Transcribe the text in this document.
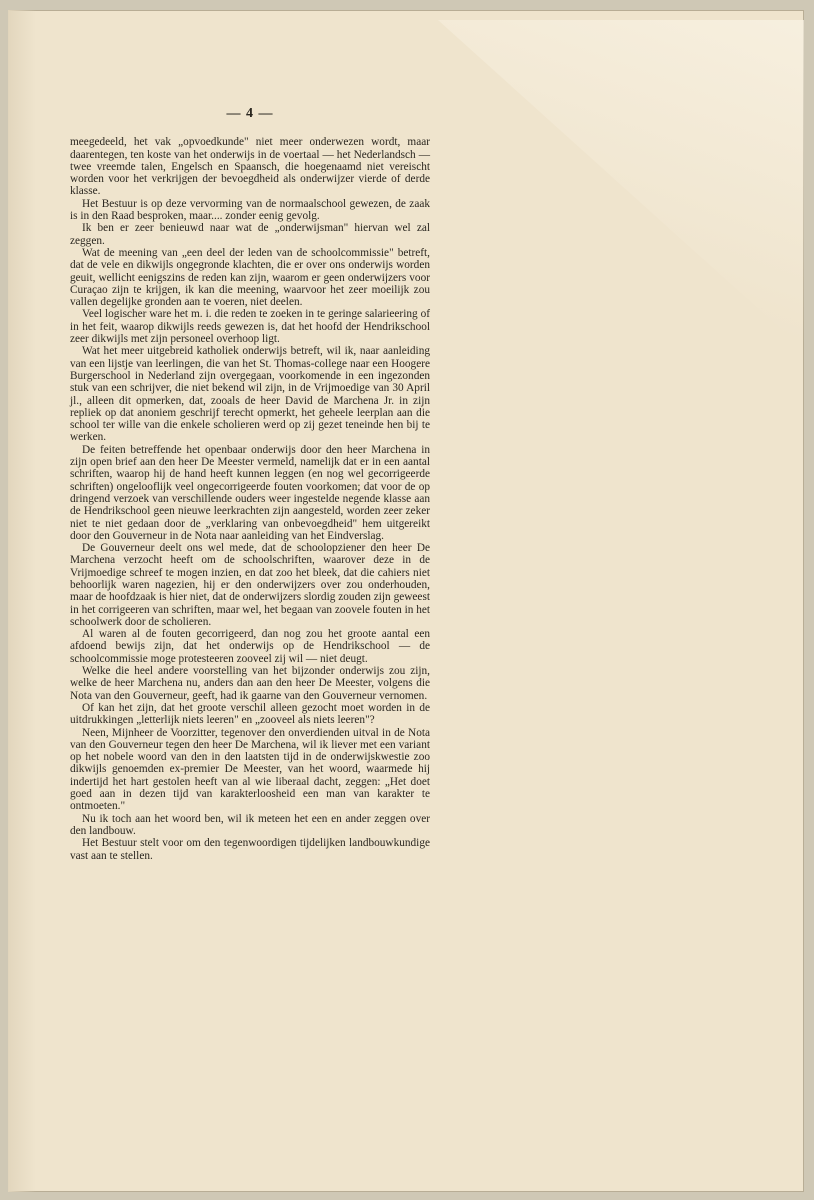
— 4 —

meegedeeld, het vak „opvoedkunde" niet meer onderwezen wordt, maar daarentegen, ten koste van het onderwijs in de voertaal — het Nederlandsch — twee vreemde talen, Engelsch en Spaansch, die hoegenaamd niet vereischt worden voor het verkrijgen der bevoegdheid als onderwijzer vierde of derde klasse.

Het Bestuur is op deze vervorming van de normaalschool gewezen, de zaak is in den Raad besproken, maar.... zonder eenig gevolg.

Ik ben er zeer benieuwd naar wat de „onderwijsman" hiervan wel zal zeggen.

Wat de meening van „een deel der leden van de schoolcommissie" betreft, dat de vele en dikwijls ongegronde klachten, die er over ons onderwijs worden geuit, wellicht eenigszins de reden kan zijn, waarom er geen onderwijzers voor Curaçao zijn te krijgen, ik kan die meening, waarvoor het zeer moeilijk zou vallen degelijke gronden aan te voeren, niet deelen.

Veel logischer ware het m. i. die reden te zoeken in te geringe salarieering of in het feit, waarop dikwijls reeds gewezen is, dat het hoofd der Hendrikschool zeer dikwijls met zijn personeel overhoop ligt.

Wat het meer uitgebreid katholiek onderwijs betreft, wil ik, naar aanleiding van een lijstje van leerlingen, die van het St. Thomas-college naar een Hoogere Burgerschool in Nederland zijn overgegaan, voorkomende in een ingezonden stuk van een schrijver, die niet bekend wil zijn, in de Vrijmoedige van 30 April jl., alleen dit opmerken, dat, zooals de heer David de Marchena Jr. in zijn repliek op dat anoniem geschrijf terecht opmerkt, het geheele leerplan aan die school ter wille van die enkele scholieren werd op zij gezet teneinde hen bij te werken.

De feiten betreffende het openbaar onderwijs door den heer Marchena in zijn open brief aan den heer De Meester vermeld, namelijk dat er in een aantal schriften, waarop hij de hand heeft kunnen leggen (en nog wel gecorrigeerde schriften) ongelooflijk veel ongecorrigeerde fouten voorkomen; dat voor de op dringend verzoek van verschillende ouders weer ingestelde negende klasse aan de Hendrikschool geen nieuwe leerkrachten zijn aangesteld, worden zeer zeker niet te niet gedaan door de „verklaring van onbevoegdheid" hem uitgereikt door den Gouverneur in de Nota naar aanleiding van het Eindverslag.

De Gouverneur deelt ons wel mede, dat de schoolopziener den heer De Marchena verzocht heeft om de schoolschriften, waarover deze in de Vrijmoedige schreef te mogen inzien, en dat zoo het bleek, dat die cahiers niet behoorlijk waren nagezien, hij er den onderwijzers over zou onderhouden, maar de hoofdzaak is hier niet, dat de onderwijzers slordig zouden zijn geweest in het corrigeeren van schriften, maar wel, het begaan van zoovele fouten in het schoolwerk door de scholieren.

Al waren al de fouten gecorrigeerd, dan nog zou het groote aantal een afdoend bewijs zijn, dat het onderwijs op de Hendrikschool — de schoolcommissie moge protesteeren zooveel zij wil — niet deugt.

Welke die heel andere voorstelling van het bijzonder onderwijs zou zijn, welke de heer Marchena nu, anders dan aan den heer De Meester, volgens die Nota van den Gouverneur, geeft, had ik gaarne van den Gouverneur vernomen.

Of kan het zijn, dat het groote verschil alleen gezocht moet worden in de uitdrukkingen „letterlijk niets leeren" en „zooveel als niets leeren"?

Neen, Mijnheer de Voorzitter, tegenover den onverdienden uitval in de Nota van den Gouverneur tegen den heer De Marchena, wil ik liever met een variant op het nobele woord van den in den laatsten tijd in de onderwijskwestie zoo dikwijls genoemden ex-premier De Meester, van het woord, waarmede hij indertijd het hart gestolen heeft van al wie liberaal dacht, zeggen: „Het doet goed aan in dezen tijd van karakterloosheid een man van karakter te ontmoeten."

Nu ik toch aan het woord ben, wil ik meteen het een en ander zeggen over den landbouw.

Het Bestuur stelt voor om den tegenwoordigen tijdelijken landbouwkundige vast aan te stellen.
